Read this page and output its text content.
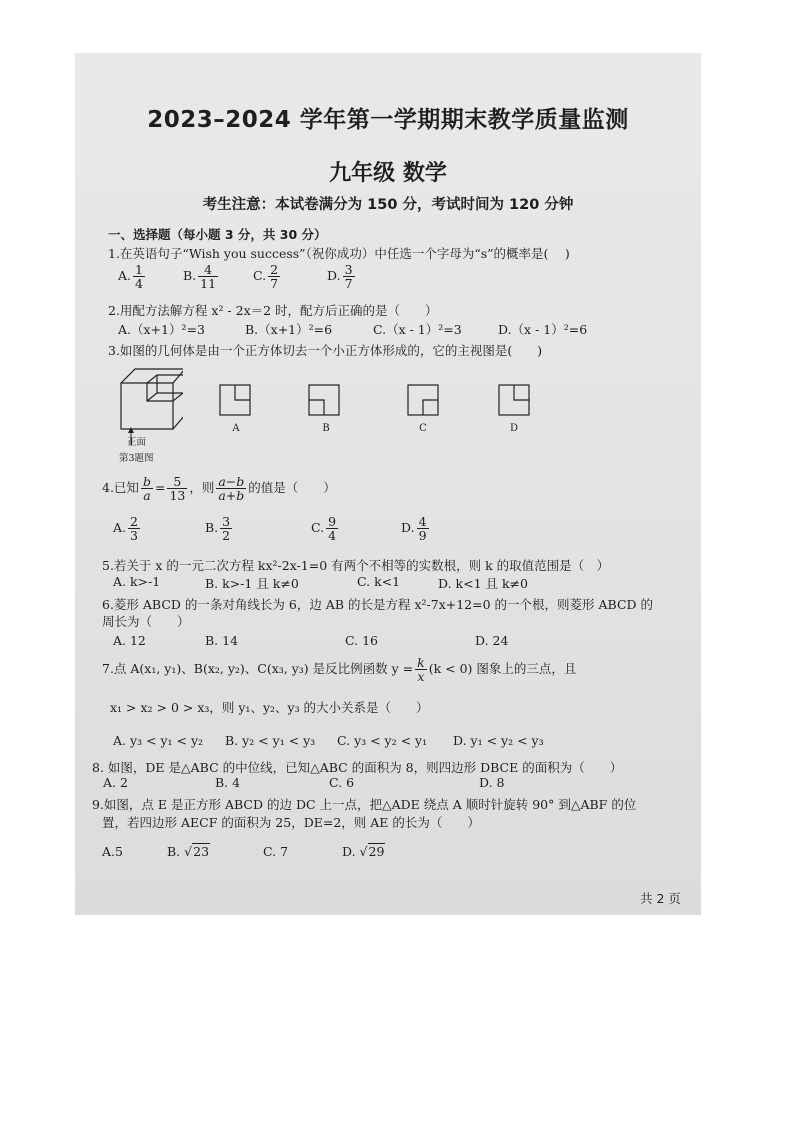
2023–2024 学年第一学期期末教学质量监测
九年级 数学
考生注意：本试卷满分为 150 分，考试时间为 120 分钟
一、选择题（每小题 3 分，共 30 分）
1.在英语句子“Wish you success”（祝你成功）中任选一个字母为“s”的概率是(　 )
A. $\frac{1}{4}$	B. $\frac{4}{11}$	C. $\frac{2}{7}$	D. $\frac{3}{7}$
2.用配方法解方程 x² - 2x＝2 时，配方后正确的是（　　）
A.（x+1）²=3	B.（x+1）²=6	C.（x - 1）²=3	D.（x - 1）²=6
3.如图的几何体是由一个正方体切去一个小正方体形成的，它的主视图是(　　)
正面
第3题图
A	B	C	D
4.已知 $\frac{b}{a} = \frac{5}{13}$ ，则 $\frac{a-b}{a+b}$ 的值是（　　）
A. $\frac{2}{3}$	B. $\frac{3}{2}$	C. $\frac{9}{4}$	D. $\frac{4}{9}$
5.若关于 x 的一元二次方程 kx²-2x-1=0 有两个不相等的实数根，则 k 的取值范围是（　）
A. k>-1	B. k>-1 且 k≠0	C. k<1	D. k<1 且 k≠0
6.菱形 ABCD 的一条对角线长为 6，边 AB 的长是方程 x²-7x+12=0 的一个根，则菱形 ABCD 的
周长为（　　）
A. 12	B. 14	C. 16	D. 24
7.点 A(x₁, y₁)、B(x₂, y₂)、C(x₃, y₃) 是反比例函数 $y = \frac{k}{x} (k < 0)$ 图象上的三点，且
x₁ > x₂ > 0 > x₃，则 y₁、y₂、y₃ 的大小关系是（　　）
A. y₃ < y₁ < y₂ B. y₂ < y₁ < y₃ C. y₃ < y₂ < y₁ D. y₁ < y₂ < y₃
8. 如图，DE 是△ABC 的中位线，已知△ABC 的面积为 8，则四边形 DBCE 的面积为（　　）
A. 2	B. 4	C. 6	D. 8
9.如图，点 E 是正方形 ABCD 的边 DC 上一点，把△ADE 绕点 A 顺时针旋转 90° 到△ABF 的位
置，若四边形 AECF 的面积为 25，DE=2，则 AE 的长为（　　）
A.5	B. √23	C. 7	D. √29
共 2 页
